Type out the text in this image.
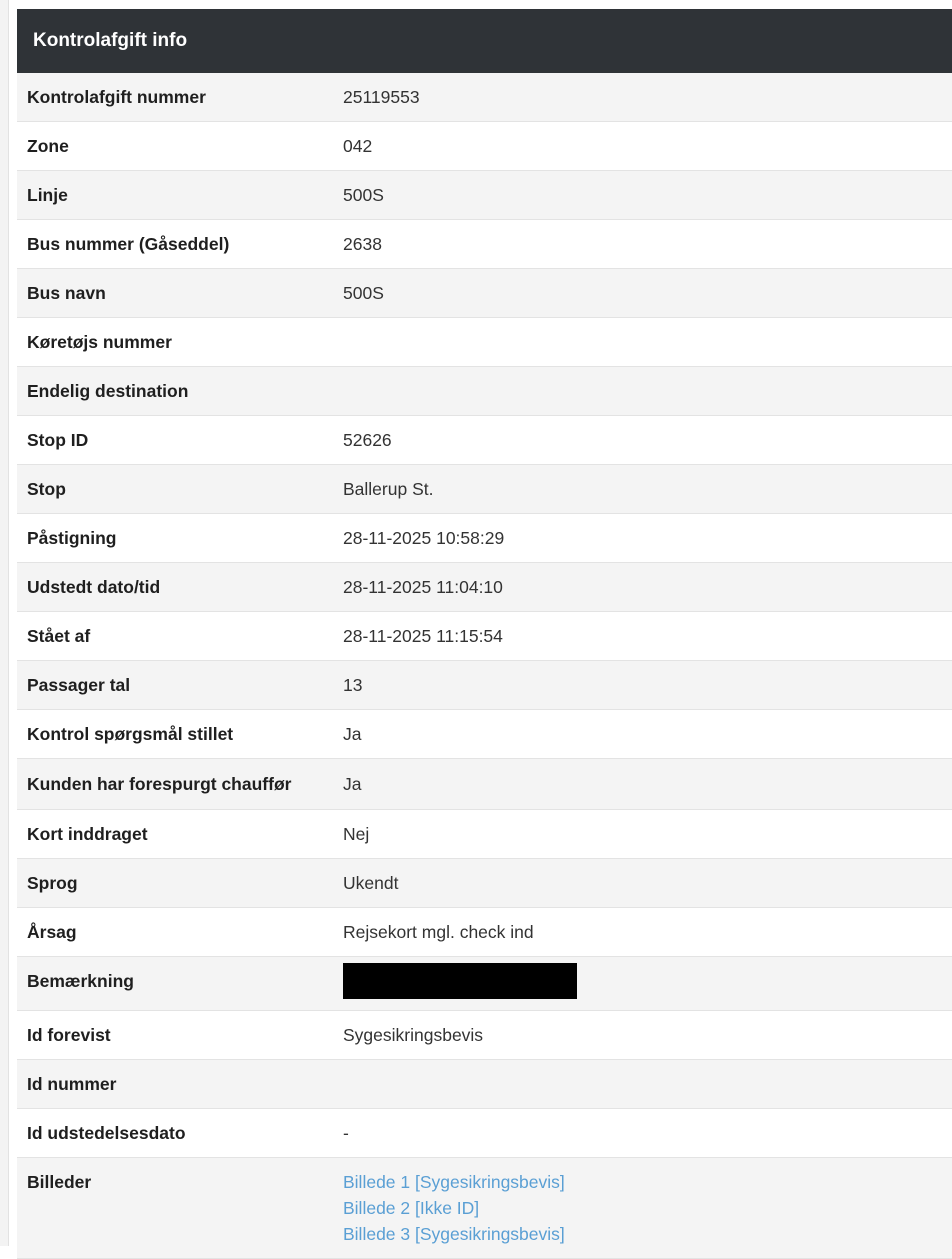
Kontrolafgift info
Kontrolafgift nummer	25119553
Zone	042
Linje	500S
Bus nummer (Gåseddel)	2638
Bus navn	500S
Køretøjs nummer	
Endelig destination	
Stop ID	52626
Stop	Ballerup St.
Påstigning	28-11-2025 10:58:29
Udstedt dato/tid	28-11-2025 11:04:10
Stået af	28-11-2025 11:15:54
Passager tal	13
Kontrol spørgsmål stillet	Ja
Kunden har forespurgt chauffør	Ja
Kort inddraget	Nej
Sprog	Ukendt
Årsag	Rejsekort mgl. check ind
Bemærkning	
Id forevist	Sygesikringsbevis
Id nummer	
Id udstedelsesdato	-
Billeder	Billede 1 [Sygesikringsbevis]
Billede 2 [Ikke ID]
Billede 3 [Sygesikringsbevis]
